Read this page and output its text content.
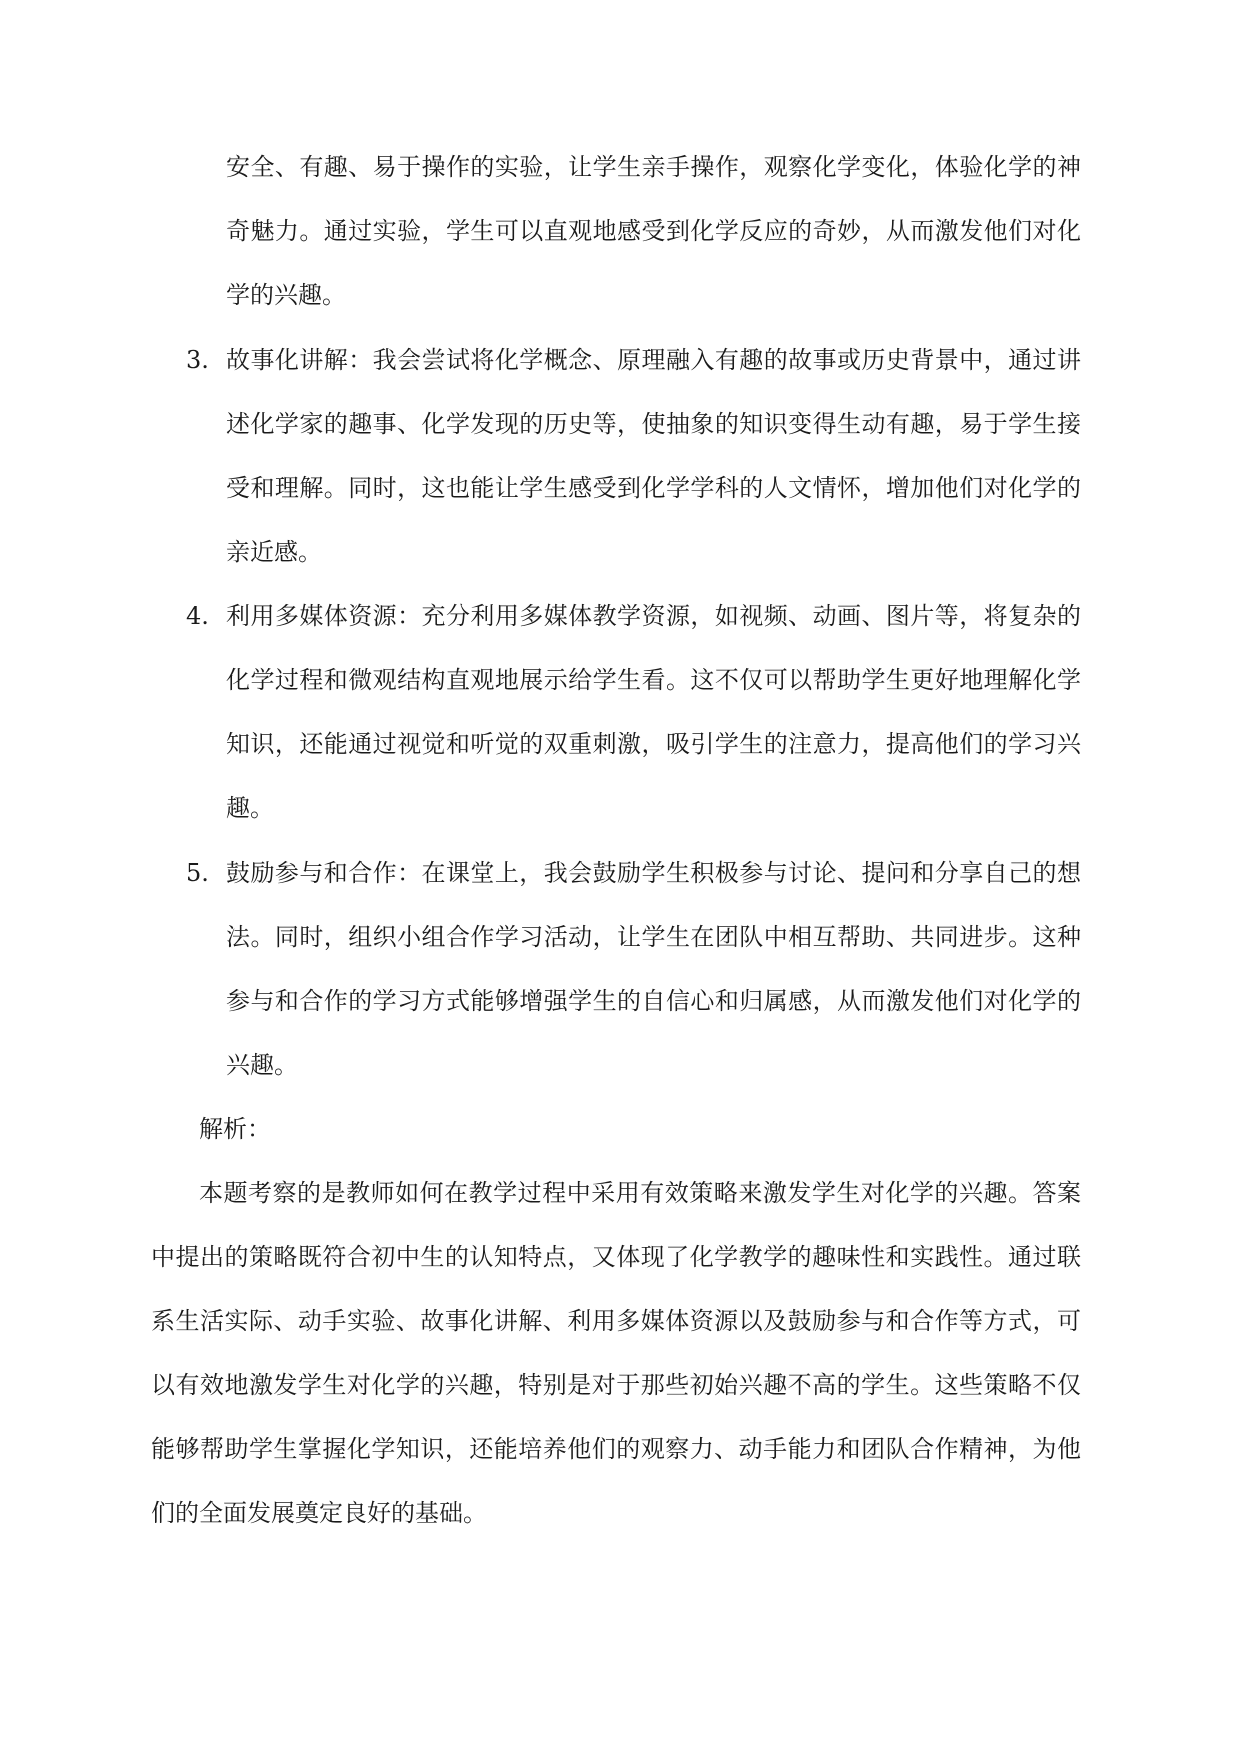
安全、有趣、易于操作的实验，让学生亲手操作，观察化学变化，体验化学的神
奇魅力。通过实验，学生可以直观地感受到化学反应的奇妙，从而激发他们对化
学的兴趣。
3. 故事化讲解：我会尝试将化学概念、原理融入有趣的故事或历史背景中，通过讲
述化学家的趣事、化学发现的历史等，使抽象的知识变得生动有趣，易于学生接
受和理解。同时，这也能让学生感受到化学学科的人文情怀，增加他们对化学的
亲近感。
4. 利用多媒体资源：充分利用多媒体教学资源，如视频、动画、图片等，将复杂的
化学过程和微观结构直观地展示给学生看。这不仅可以帮助学生更好地理解化学
知识，还能通过视觉和听觉的双重刺激，吸引学生的注意力，提高他们的学习兴
趣。
5. 鼓励参与和合作：在课堂上，我会鼓励学生积极参与讨论、提问和分享自己的想
法。同时，组织小组合作学习活动，让学生在团队中相互帮助、共同进步。这种
参与和合作的学习方式能够增强学生的自信心和归属感，从而激发他们对化学的
兴趣。
解析：
本题考察的是教师如何在教学过程中采用有效策略来激发学生对化学的兴趣。答案
中提出的策略既符合初中生的认知特点，又体现了化学教学的趣味性和实践性。通过联
系生活实际、动手实验、故事化讲解、利用多媒体资源以及鼓励参与和合作等方式，可
以有效地激发学生对化学的兴趣，特别是对于那些初始兴趣不高的学生。这些策略不仅
能够帮助学生掌握化学知识，还能培养他们的观察力、动手能力和团队合作精神，为他
们的全面发展奠定良好的基础。
